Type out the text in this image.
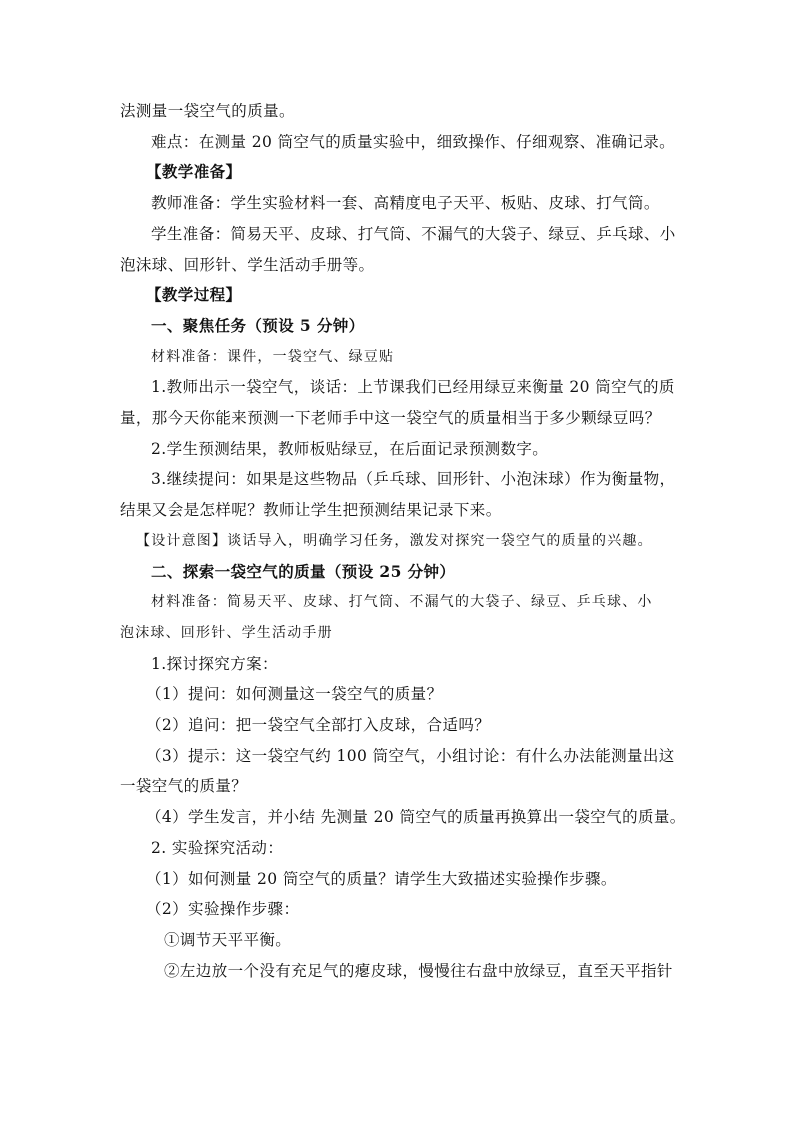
法测量一袋空气的质量。
难点：在测量 20 筒空气的质量实验中，细致操作、仔细观察、准确记录。
【教学准备】
教师准备：学生实验材料一套、高精度电子天平、板贴、皮球、打气筒。
学生准备：简易天平、皮球、打气筒、不漏气的大袋子、绿豆、乒乓球、小
泡沫球、回形针、学生活动手册等。
【教学过程】
一、聚焦任务（预设 5 分钟）
材料准备：课件，一袋空气、绿豆贴
1.教师出示一袋空气，谈话：上节课我们已经用绿豆来衡量 20 筒空气的质
量，那今天你能来预测一下老师手中这一袋空气的质量相当于多少颗绿豆吗？
2.学生预测结果，教师板贴绿豆，在后面记录预测数字。
3.继续提问：如果是这些物品（乒乓球、回形针、小泡沫球）作为衡量物，
结果又会是怎样呢？教师让学生把预测结果记录下来。
【设计意图】谈话导入，明确学习任务，激发对探究一袋空气的质量的兴趣。
二、探索一袋空气的质量（预设 25 分钟）
材料准备：简易天平、皮球、打气筒、不漏气的大袋子、绿豆、乒乓球、小
泡沫球、回形针、学生活动手册
1.探讨探究方案：
（1）提问：如何测量这一袋空气的质量？
（2）追问：把一袋空气全部打入皮球，合适吗？
（3）提示：这一袋空气约 100 筒空气，小组讨论：有什么办法能测量出这
一袋空气的质量？
（4）学生发言，并小结 先测量 20 筒空气的质量再换算出一袋空气的质量。
2. 实验探究活动：
（1）如何测量 20 筒空气的质量？请学生大致描述实验操作步骤。
（2）实验操作步骤：
①调节天平平衡。
②左边放一个没有充足气的瘪皮球，慢慢往右盘中放绿豆，直至天平指针
